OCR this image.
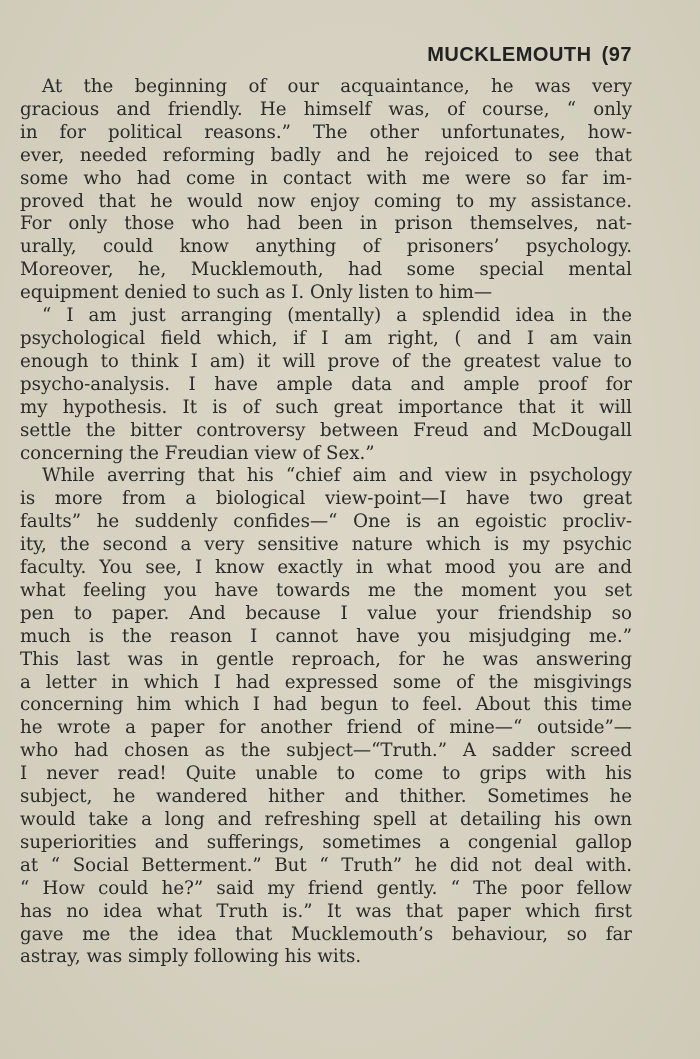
MUCKLEMOUTH (97
At the beginning of our acquaintance, he was very
gracious and friendly. He himself was, of course, “ only
in for political reasons.” The other unfortunates, how-
ever, needed reforming badly and he rejoiced to see that
some who had come in contact with me were so far im-
proved that he would now enjoy coming to my assistance.
For only those who had been in prison themselves, nat-
urally, could know anything of prisoners’ psychology.
Moreover, he, Mucklemouth, had some special mental
equipment denied to such as I. Only listen to him—
“ I am just arranging (mentally) a splendid idea in the
psychological field which, if I am right, ( and I am vain
enough to think I am) it will prove of the greatest value to
psycho-analysis. I have ample data and ample proof for
my hypothesis. It is of such great importance that it will
settle the bitter controversy between Freud and McDougall
concerning the Freudian view of Sex.”
While averring that his “chief aim and view in psychology
is more from a biological view-point—I have two great
faults” he suddenly confides—“ One is an egoistic procliv-
ity, the second a very sensitive nature which is my psychic
faculty. You see, I know exactly in what mood you are and
what feeling you have towards me the moment you set
pen to paper. And because I value your friendship so
much is the reason I cannot have you misjudging me.”
This last was in gentle reproach, for he was answering
a letter in which I had expressed some of the misgivings
concerning him which I had begun to feel. About this time
he wrote a paper for another friend of mine—“ outside”—
who had chosen as the subject—“Truth.” A sadder screed
I never read! Quite unable to come to grips with his
subject, he wandered hither and thither. Sometimes he
would take a long and refreshing spell at detailing his own
superiorities and sufferings, sometimes a congenial gallop
at “ Social Betterment.” But “ Truth” he did not deal with.
“ How could he?” said my friend gently. “ The poor fellow
has no idea what Truth is.” It was that paper which first
gave me the idea that Mucklemouth’s behaviour, so far
astray, was simply following his wits.
